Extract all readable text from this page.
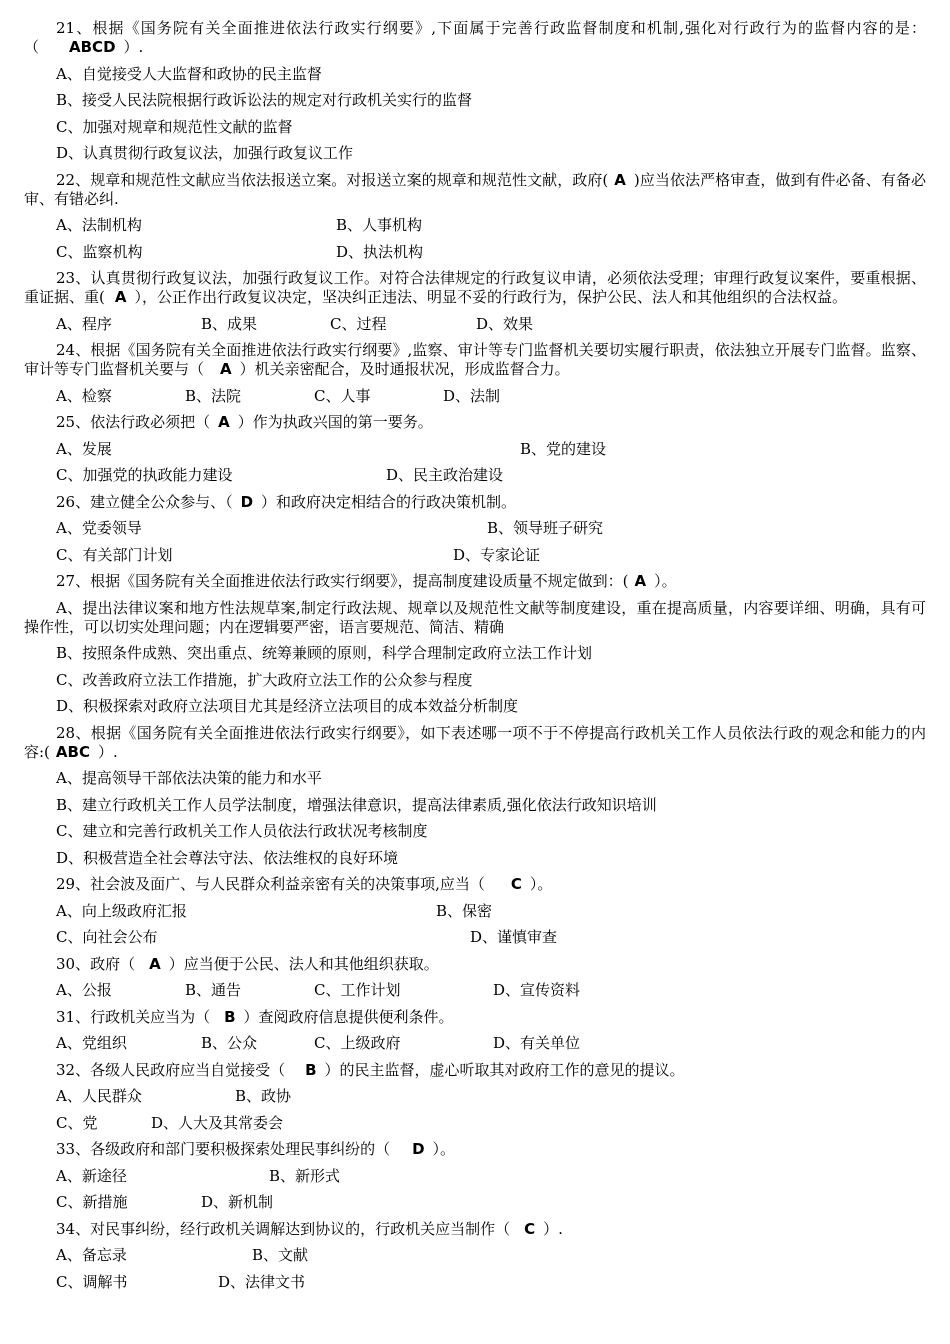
21、根据《国务院有关全面推进依法行政实行纲要》,下面属于完善行政监督制度和机制,强化对行政行为的监督内容的是：（ ABCD ）.

A、自觉接受人大监督和政协的民主监督
B、接受人民法院根据行政诉讼法的规定对行政机关实行的监督
C、加强对规章和规范性文献的监督
D、认真贯彻行政复议法，加强行政复议工作

22、规章和规范性文献应当依法报送立案。对报送立案的规章和规范性文献，政府( A )应当依法严格审查，做到有件必备、有备必审、有错必纠.

A、法制机构	B、人事机构
C、监察机构	D、执法机构

23、认真贯彻行政复议法，加强行政复议工作。对符合法律规定的行政复议申请，必须依法受理；审理行政复议案件，要重根据、重证据、重( A ），公正作出行政复议决定，坚决纠正违法、明显不妥的行政行为，保护公民、法人和其他组织的合法权益。

A、程序	B、成果	C、过程	D、效果

24、根据《国务院有关全面推进依法行政实行纲要》,监察、审计等专门监督机关要切实履行职责，依法独立开展专门监督。监察、审计等专门监督机关要与（ A ）机关亲密配合，及时通报状况，形成监督合力。

A、检察	B、法院	C、人事	D、法制

25、依法行政必须把（ A ）作为执政兴国的第一要务。

A、发展	B、党的建设
C、加强党的执政能力建设	D、民主政治建设

26、建立健全公众参与、（ D ）和政府决定相结合的行政决策机制。

A、党委领导	B、领导班子研究
C、有关部门计划	D、专家论证

27、根据《国务院有关全面推进依法行政实行纲要》，提高制度建设质量不规定做到：( A ）。

A、提出法律议案和地方性法规草案,制定行政法规、规章以及规范性文献等制度建设，重在提高质量，内容要详细、明确，具有可操作性，可以切实处理问题；内在逻辑要严密，语言要规范、简洁、精确

B、按照条件成熟、突出重点、统筹兼顾的原则，科学合理制定政府立法工作计划
C、改善政府立法工作措施，扩大政府立法工作的公众参与程度
D、积极探索对政府立法项目尤其是经济立法项目的成本效益分析制度

28、根据《国务院有关全面推进依法行政实行纲要》，如下表述哪一项不于不停提高行政机关工作人员依法行政的观念和能力的内容:( ABC ）.

A、提高领导干部依法决策的能力和水平
B、建立行政机关工作人员学法制度，增强法律意识，提高法律素质,强化依法行政知识培训
C、建立和完善行政机关工作人员依法行政状况考核制度
D、积极营造全社会尊法守法、依法维权的良好环境

29、社会波及面广、与人民群众利益亲密有关的决策事项,应当（ C ）。

A、向上级政府汇报	B、保密
C、向社会公布	D、谨慎审查

30、政府（ A ）应当便于公民、法人和其他组织获取。

A、公报	B、通告	C、工作计划	D、宣传资料

31、行政机关应当为（ B ）查阅政府信息提供便利条件。

A、党组织	B、公众	C、上级政府	D、有关单位

32、各级人民政府应当自觉接受（ B ）的民主监督，虚心听取其对政府工作的意见的提议。

A、人民群众	B、政协
C、党	D、人大及其常委会

33、各级政府和部门要积极探索处理民事纠纷的（ D ）。

A、新途径	B、新形式
C、新措施	D、新机制

34、对民事纠纷，经行政机关调解达到协议的，行政机关应当制作（ C ）.

A、备忘录	B、文献
C、调解书	D、法律文书
